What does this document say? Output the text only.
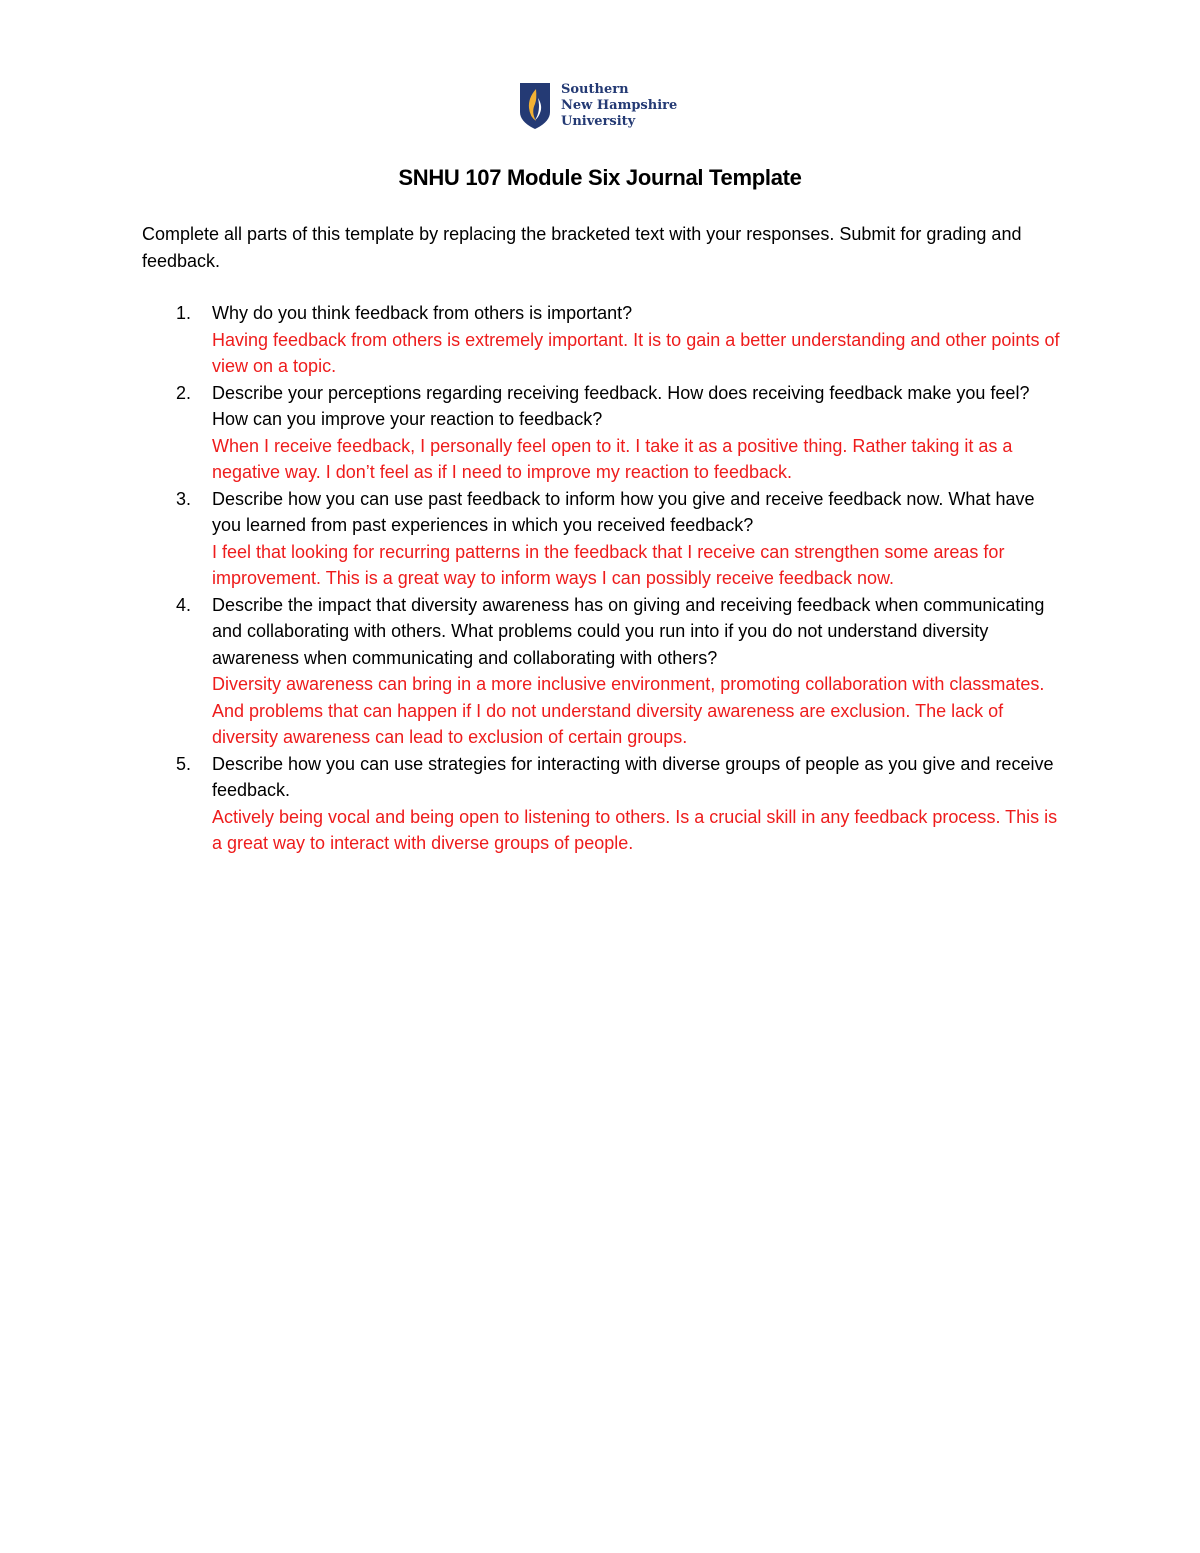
Southern
New Hampshire
University
SNHU 107 Module Six Journal Template
Complete all parts of this template by replacing the bracketed text with your responses. Submit for grading and feedback.
1. Why do you think feedback from others is important?
Having feedback from others is extremely important. It is to gain a better understanding and other points of view on a topic.
2. Describe your perceptions regarding receiving feedback. How does receiving feedback make you feel? How can you improve your reaction to feedback?
When I receive feedback, I personally feel open to it. I take it as a positive thing. Rather taking it as a negative way. I don’t feel as if I need to improve my reaction to feedback.
3. Describe how you can use past feedback to inform how you give and receive feedback now. What have you learned from past experiences in which you received feedback?
I feel that looking for recurring patterns in the feedback that I receive can strengthen some areas for improvement. This is a great way to inform ways I can possibly receive feedback now.
4. Describe the impact that diversity awareness has on giving and receiving feedback when communicating and collaborating with others. What problems could you run into if you do not understand diversity awareness when communicating and collaborating with others?
Diversity awareness can bring in a more inclusive environment, promoting collaboration with classmates. And problems that can happen if I do not understand diversity awareness are exclusion. The lack of diversity awareness can lead to exclusion of certain groups.
5. Describe how you can use strategies for interacting with diverse groups of people as you give and receive feedback.
Actively being vocal and being open to listening to others. Is a crucial skill in any feedback process. This is a great way to interact with diverse groups of people.
